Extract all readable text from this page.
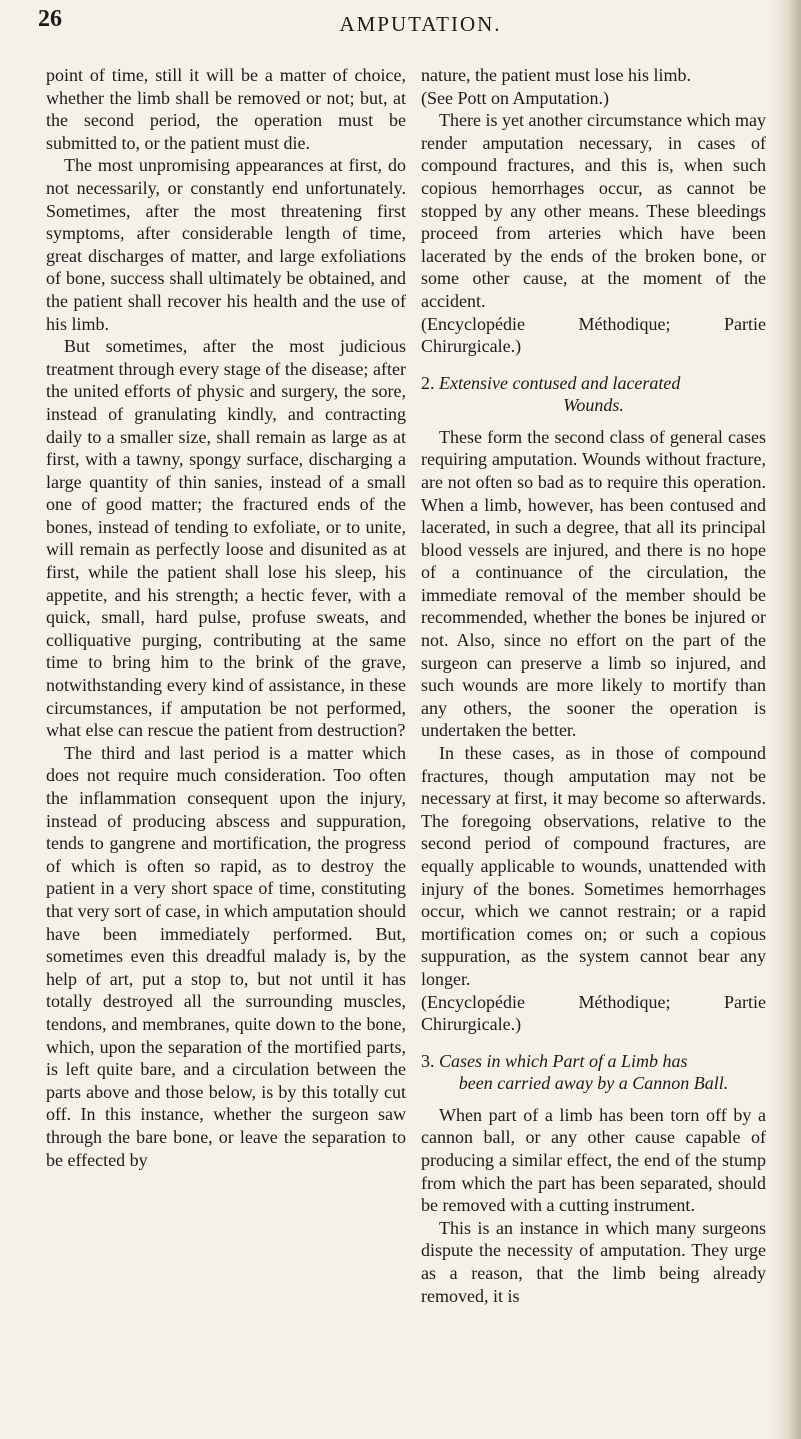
26	AMPUTATION.

point of time, still it will be a matter of choice, whether the limb shall be removed or not; but, at the second period, the operation must be submitted to, or the patient must die.

The most unpromising appearances at first, do not necessarily, or constantly end unfortunately. Sometimes, after the most threatening first symptoms, after considerable length of time, great discharges of matter, and large exfoliations of bone, success shall ultimately be obtained, and the patient shall recover his health and the use of his limb.

But sometimes, after the most judicious treatment through every stage of the disease; after the united efforts of physic and surgery, the sore, instead of granulating kindly, and contracting daily to a smaller size, shall remain as large as at first, with a tawny, spongy surface, discharging a large quantity of thin sanies, instead of a small one of good matter; the fractured ends of the bones, instead of tending to exfoliate, or to unite, will remain as perfectly loose and disunited as at first, while the patient shall lose his sleep, his appetite, and his strength; a hectic fever, with a quick, small, hard pulse, profuse sweats, and colliquative purging, contributing at the same time to bring him to the brink of the grave, notwithstanding every kind of assistance, in these circumstances, if amputation be not performed, what else can rescue the patient from destruction?

The third and last period is a matter which does not require much consideration. Too often the inflammation consequent upon the injury, instead of producing abscess and suppuration, tends to gangrene and mortification, the progress of which is often so rapid, as to destroy the patient in a very short space of time, constituting that very sort of case, in which amputation should have been immediately performed. But, sometimes even this dreadful malady is, by the help of art, put a stop to, but not until it has totally destroyed all the surrounding muscles, tendons, and membranes, quite down to the bone, which, upon the separation of the mortified parts, is left quite bare, and a circulation between the parts above and those below, is by this totally cut off. In this instance, whether the surgeon saw through the bare bone, or leave the separation to be effected by

nature, the patient must lose his limb.

(See Pott on Amputation.)

There is yet another circumstance which may render amputation necessary, in cases of compound fractures, and this is, when such copious hemorrhages occur, as cannot be stopped by any other means. These bleedings proceed from arteries which have been lacerated by the ends of the broken bone, or some other cause, at the moment of the accident.

(Encyclopédie Méthodique; Partie Chirurgicale.)

2. Extensive contused and lacerated
Wounds.

These form the second class of general cases requiring amputation. Wounds without fracture, are not often so bad as to require this operation. When a limb, however, has been contused and lacerated, in such a degree, that all its principal blood vessels are injured, and there is no hope of a continuance of the circulation, the immediate removal of the member should be recommended, whether the bones be injured or not. Also, since no effort on the part of the surgeon can preserve a limb so injured, and such wounds are more likely to mortify than any others, the sooner the operation is undertaken the better.

In these cases, as in those of compound fractures, though amputation may not be necessary at first, it may become so afterwards. The foregoing observations, relative to the second period of compound fractures, are equally applicable to wounds, unattended with injury of the bones. Sometimes hemorrhages occur, which we cannot restrain; or a rapid mortification comes on; or such a copious suppuration, as the system cannot bear any longer.

(Encyclopédie Méthodique; Partie Chirurgicale.)

3. Cases in which Part of a Limb has
been carried away by a Cannon Ball.

When part of a limb has been torn off by a cannon ball, or any other cause capable of producing a similar effect, the end of the stump from which the part has been separated, should be removed with a cutting instrument.

This is an instance in which many surgeons dispute the necessity of amputation. They urge as a reason, that the limb being already removed, it is
